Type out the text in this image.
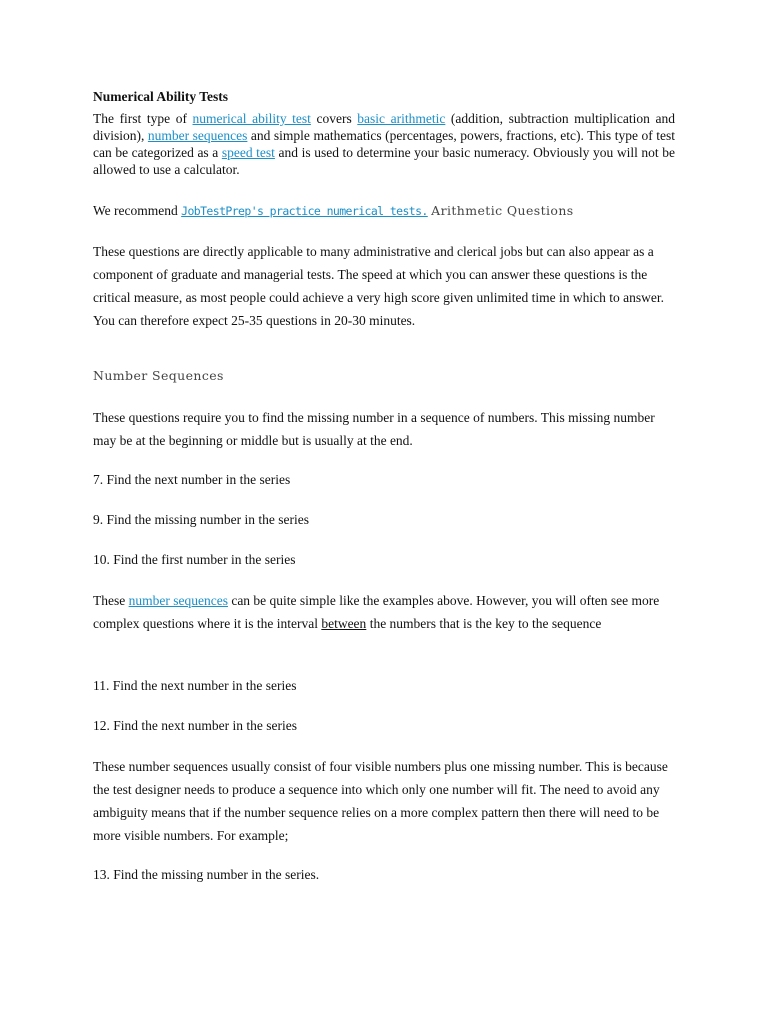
Numerical Ability Tests

The first type of numerical ability test covers basic arithmetic (addition, subtraction multiplication and division), number sequences and simple mathematics (percentages, powers, fractions, etc). This type of test can be categorized as a speed test and is used to determine your basic numeracy. Obviously you will not be allowed to use a calculator.

We recommend JobTestPrep's practice numerical tests. Arithmetic Questions

These questions are directly applicable to many administrative and clerical jobs but can also appear as a component of graduate and managerial tests. The speed at which you can answer these questions is the critical measure, as most people could achieve a very high score given unlimited time in which to answer. You can therefore expect 25-35 questions in 20-30 minutes.

Number Sequences

These questions require you to find the missing number in a sequence of numbers. This missing number may be at the beginning or middle but is usually at the end.

7. Find the next number in the series

9. Find the missing number in the series

10. Find the first number in the series

These number sequences can be quite simple like the examples above. However, you will often see more complex questions where it is the interval between the numbers that is the key to the sequence

11. Find the next number in the series

12. Find the next number in the series

These number sequences usually consist of four visible numbers plus one missing number. This is because the test designer needs to produce a sequence into which only one number will fit. The need to avoid any ambiguity means that if the number sequence relies on a more complex pattern then there will need to be more visible numbers. For example;

13. Find the missing number in the series.
